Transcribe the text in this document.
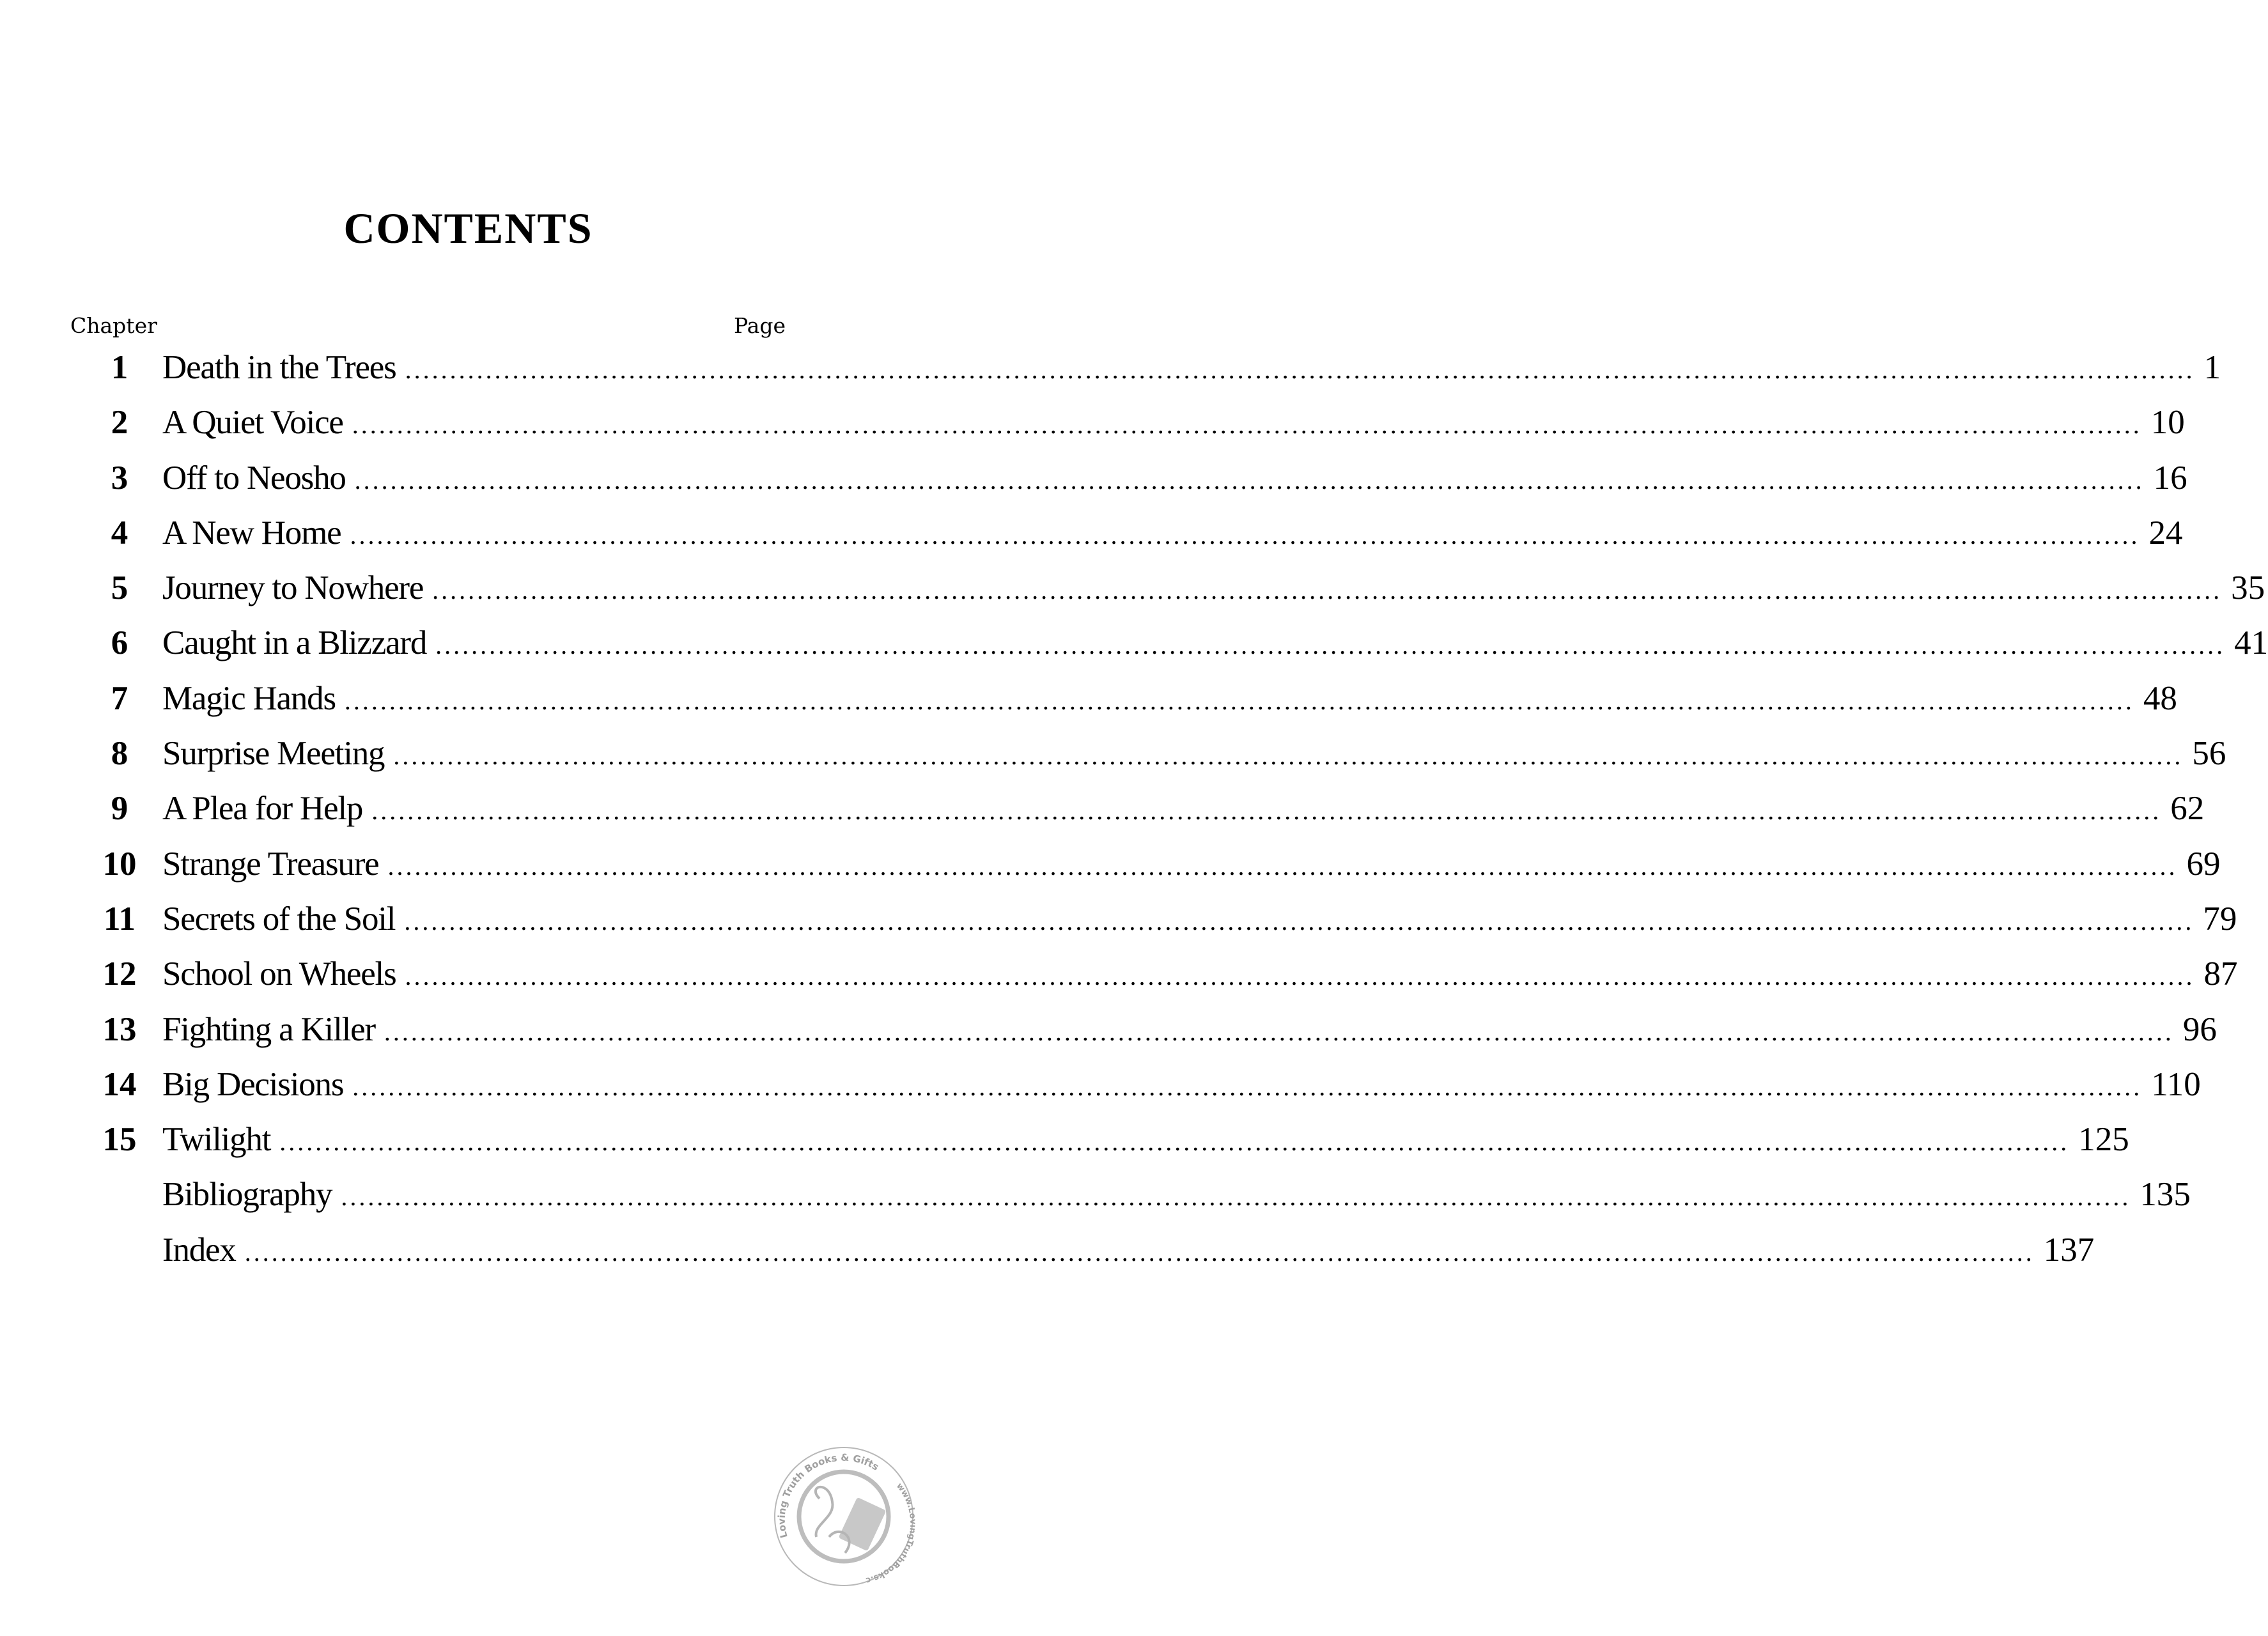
CONTENTS

Chapter	Page

1	Death in the Trees ........................................................................................................................................................................................................ 1
2	A Quiet Voice ........................................................................................................................................................................................................ 10
3	Off to Neosho ........................................................................................................................................................................................................ 16
4	A New Home ........................................................................................................................................................................................................ 24
5	Journey to Nowhere ........................................................................................................................................................................................................ 35
6	Caught in a Blizzard ........................................................................................................................................................................................................ 41
7	Magic Hands ........................................................................................................................................................................................................ 48
8	Surprise Meeting ........................................................................................................................................................................................................ 56
9	A Plea for Help ........................................................................................................................................................................................................ 62
10 Strange Treasure ........................................................................................................................................................................................................ 69
11 Secrets of the Soil ........................................................................................................................................................................................................ 79
12 School on Wheels ........................................................................................................................................................................................................ 87
13 Fighting a Killer ........................................................................................................................................................................................................ 96
14 Big Decisions ........................................................................................................................................................................................................ 110
15 Twilight ........................................................................................................................................................................................................ 125
Bibliography ........................................................................................................................................................................................................ 135
Index ........................................................................................................................................................................................................ 137
Loving Truth Books & Gifts
www. gTruthBooks.c
